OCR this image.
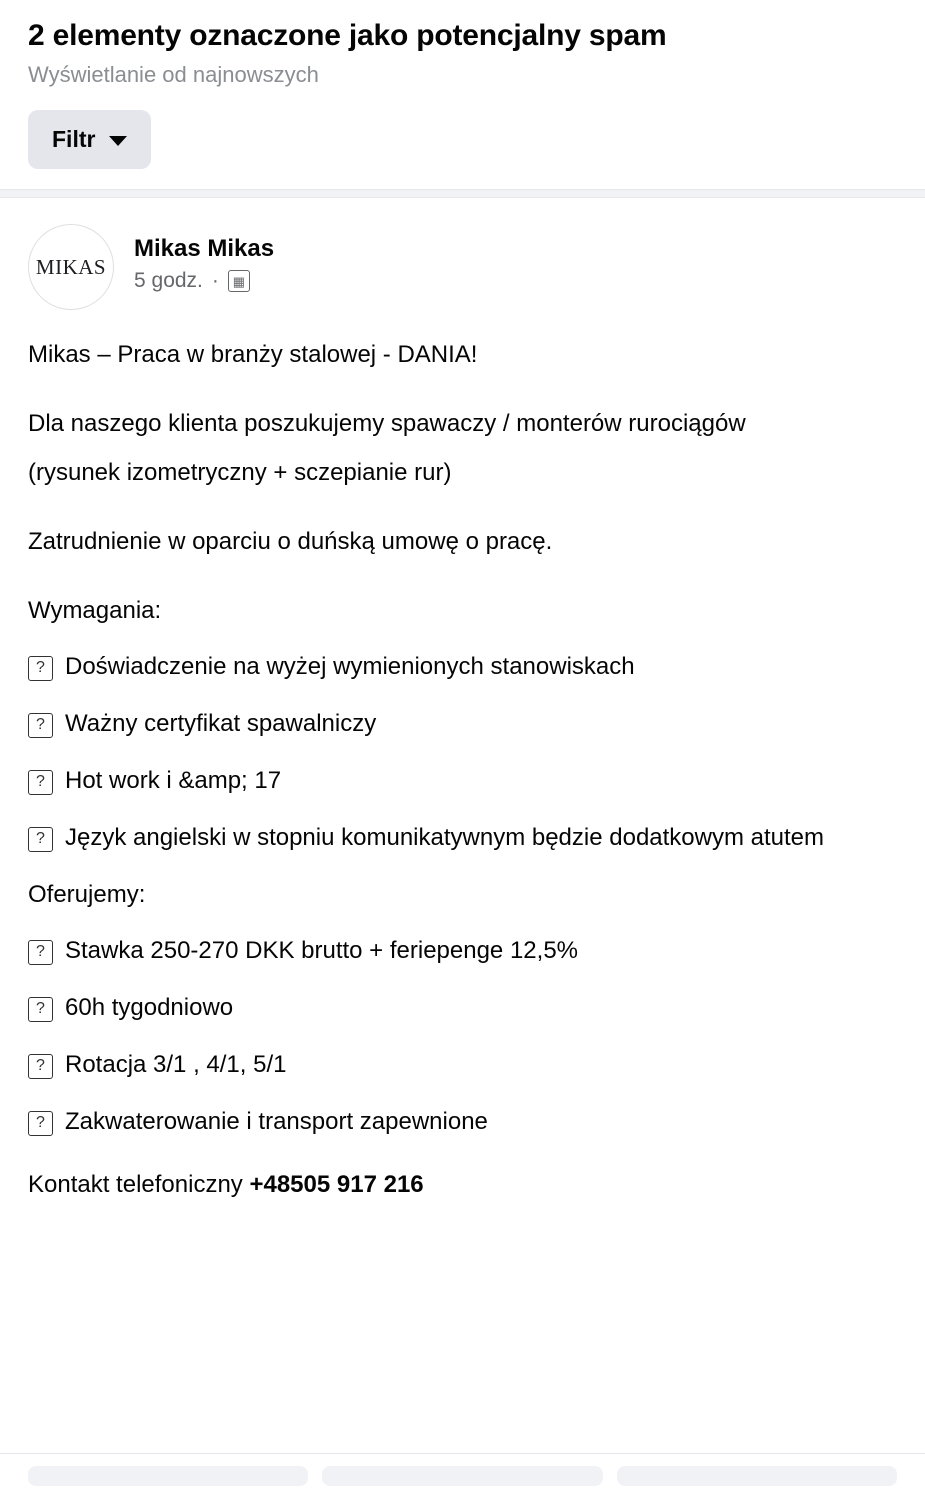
2 elementy oznaczone jako potencjalny spam

Wyświetlanie od najnowszych

Filtr
MIKAS
Mikas Mikas
5 godz. ·	▦

Mikas – Praca w branży stalowej - DANIA!

Dla naszego klienta poszukujemy spawaczy / monterów rurociągów

(rysunek izometryczny + sczepianie rur)

Zatrudnienie w oparciu o duńską umowę o pracę.

Wymagania:

? Doświadczenie na wyżej wymienionych stanowiskach
? Ważny certyfikat spawalniczy
? Hot work i &amp; 17
? Język angielski w stopniu komunikatywnym będzie dodatkowym atutem

Oferujemy:

? Stawka 250-270 DKK brutto + feriepenge 12,5%
? 60h tygodniowo
? Rotacja 3/1 , 4/1, 5/1
? Zakwaterowanie i transport zapewnione

Kontakt telefoniczny +48505 917 216
